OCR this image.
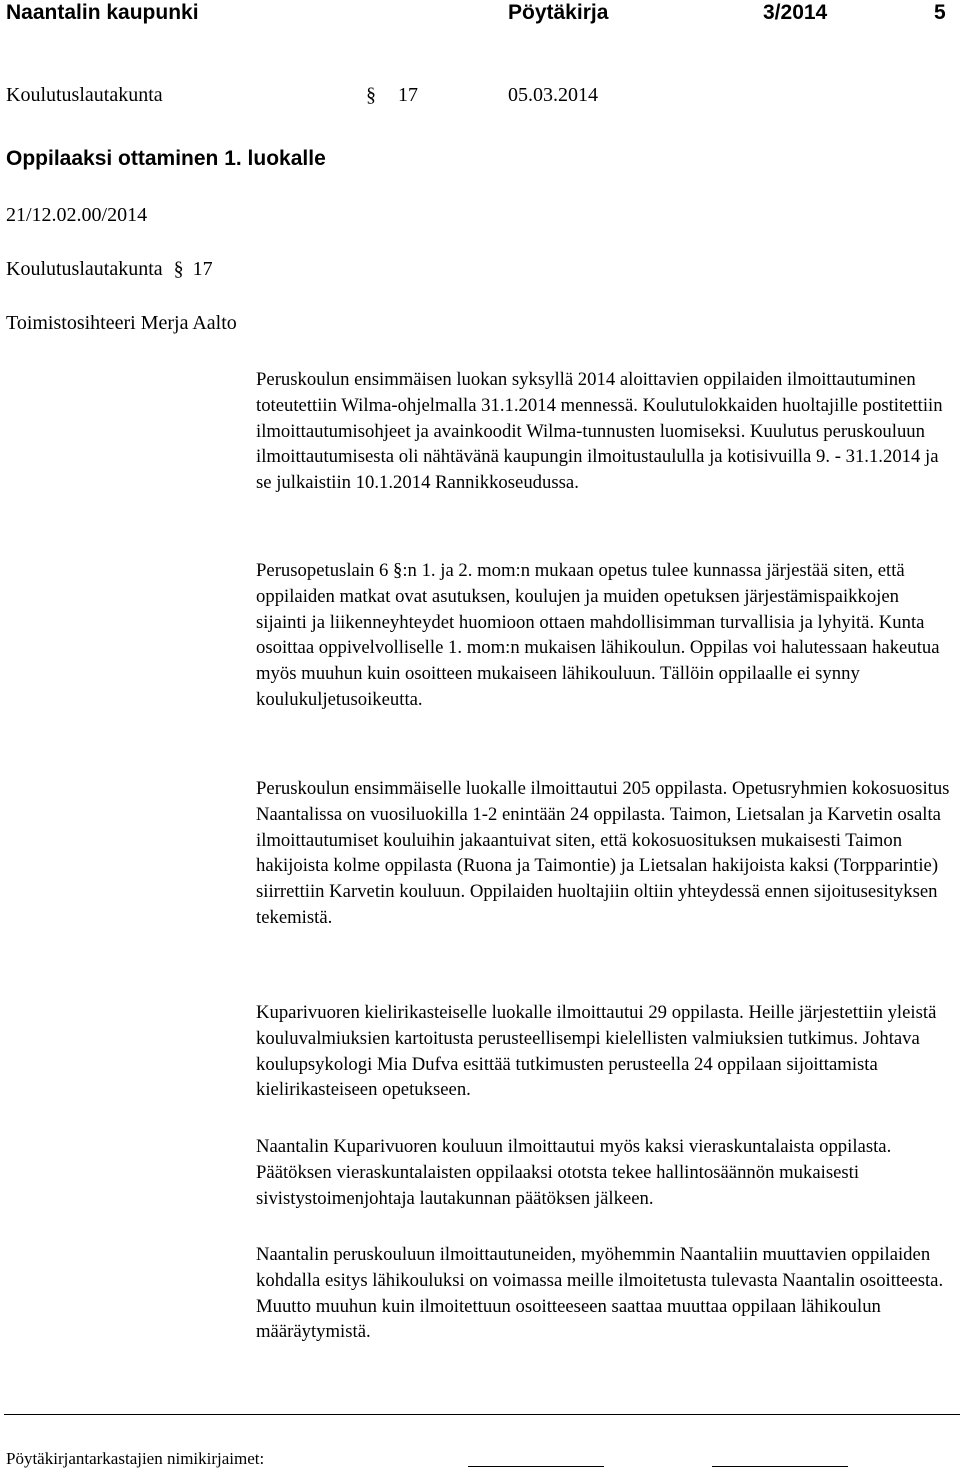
Naantalin kaupunki	Pöytäkirja	3/2014	5
Koulutuslautakunta	§ 17	05.03.2014
Oppilaaksi ottaminen 1. luokalle
21/12.02.00/2014
Koulutuslautakunta § 17
Toimistosihteeri Merja Aalto

Peruskoulun ensimmäisen luokan syksyllä 2014 aloittavien oppilaiden ilmoittautuminen toteutettiin Wilma-ohjelmalla 31.1.2014 mennessä. Koulutulokkaiden huoltajille postitettiin ilmoittautumisohjeet ja avainkoodit Wilma-tunnusten luomiseksi. Kuulutus peruskouluun ilmoittautumisesta oli nähtävänä kaupungin ilmoitustaululla ja kotisivuilla 9. - 31.1.2014 ja se julkaistiin 10.1.2014 Rannikkoseudussa.

Perusopetuslain 6 §:n 1. ja 2. mom:n mukaan opetus tulee kunnassa järjestää siten, että oppilaiden matkat ovat asutuksen, koulujen ja muiden opetuksen järjestämispaikkojen sijainti ja liikenneyhteydet huomioon ottaen mahdollisimman turvallisia ja lyhyitä. Kunta osoittaa oppivelvolliselle 1. mom:n mukaisen lähikoulun. Oppilas voi halutessaan hakeutua myös muuhun kuin osoitteen mukaiseen lähikouluun. Tällöin oppilaalle ei synny koulukuljetusoikeutta.

Peruskoulun ensimmäiselle luokalle ilmoittautui 205 oppilasta. Opetusryhmien kokosuositus Naantalissa on vuosiluokilla 1-2 enintään 24 oppilasta. Taimon, Lietsalan ja Karvetin osalta ilmoittautumiset kouluihin jakaantuivat siten, että kokosuosituksen mukaisesti Taimon hakijoista kolme oppilasta (Ruona ja Taimontie) ja Lietsalan hakijoista kaksi (Torpparintie) siirrettiin Karvetin kouluun. Oppilaiden huoltajiin oltiin yhteydessä ennen sijoitusesityksen tekemistä.

Kuparivuoren kielirikasteiselle luokalle ilmoittautui 29 oppilasta. Heille järjestettiin yleistä kouluvalmiuksien kartoitusta perusteellisempi kielellisten valmiuksien tutkimus. Johtava koulupsykologi Mia Dufva esittää tutkimusten perusteella 24 oppilaan sijoittamista kielirikasteiseen opetukseen.

Naantalin Kuparivuoren kouluun ilmoittautui myös kaksi vieraskuntalaista oppilasta. Päätöksen vieraskuntalaisten oppilaaksi ototsta tekee hallintosäännön mukaisesti sivistystoimenjohtaja lautakunnan päätöksen jälkeen.

Naantalin peruskouluun ilmoittautuneiden, myöhemmin Naantaliin muuttavien oppilaiden kohdalla esitys lähikouluksi on voimassa meille ilmoitetusta tulevasta Naantalin osoitteesta. Muutto muuhun kuin ilmoitettuun osoitteeseen saattaa muuttaa oppilaan lähikoulun määräytymistä.

Pöytäkirjantarkastajien nimikirjaimet:
